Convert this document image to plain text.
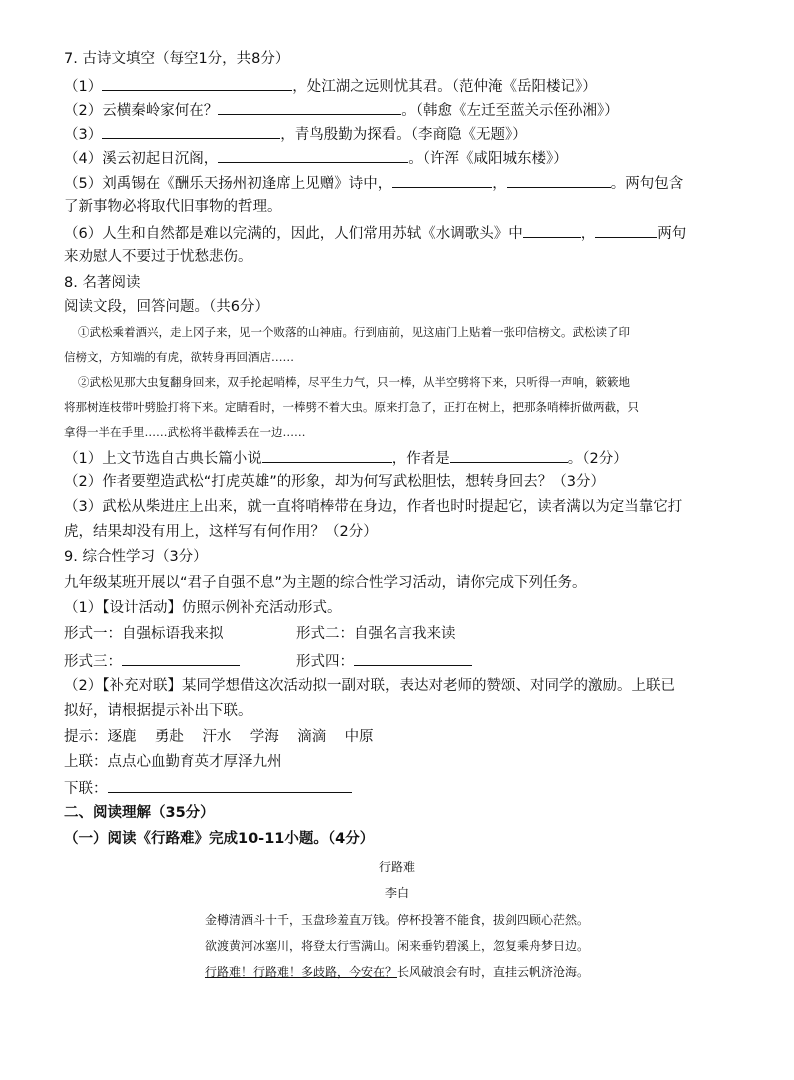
7. 古诗文填空（每空1分，共8分）
（1）	，处江湖之远则忧其君。（范仲淹《岳阳楼记》）
（2）云横秦岭家何在？	。（韩愈《左迁至蓝关示侄孙湘》）
（3）	，青鸟殷勤为探看。（李商隐《无题》）
（4）溪云初起日沉阁，	。（许浑《咸阳城东楼》）
（5）刘禹锡在《酬乐天扬州初逢席上见赠》诗中，	，	。两句包含
了新事物必将取代旧事物的哲理。
（6）人生和自然都是难以完满的，因此，人们常用苏轼《水调歌头》中	，	两句
来劝慰人不要过于忧愁悲伤。
8. 名著阅读
阅读文段，回答问题。（共6分）
①武松乘着酒兴，走上冈子来，见一个败落的山神庙。行到庙前，见这庙门上贴着一张印信榜文。武松读了印
信榜文，方知端的有虎，欲转身再回酒店……
②武松见那大虫复翻身回来，双手抡起哨棒，尽平生力气，只一棒，从半空劈将下来，只听得一声响，簌簌地
将那树连枝带叶劈脸打将下来。定睛看时，一棒劈不着大虫。原来打急了，正打在树上，把那条哨棒折做两截，只
拿得一半在手里……武松将半截棒丢在一边……
（1）上文节选自古典长篇小说	，作者是	。（2分）
（2）作者要塑造武松“打虎英雄”的形象，却为何写武松胆怯，想转身回去？（3分）
（3）武松从柴进庄上出来，就一直将哨棒带在身边，作者也时时提起它，读者满以为定当靠它打
虎，结果却没有用上，这样写有何作用？（2分）
9. 综合性学习（3分）
九年级某班开展以“君子自强不息”为主题的综合性学习活动，请你完成下列任务。
（1）【设计活动】仿照示例补充活动形式。
形式一：自强标语我来拟	形式二：自强名言我来读
形式三：	形式四：
（2）【补充对联】某同学想借这次活动拟一副对联，表达对老师的赞颂、对同学的激励。上联已
拟好，请根据提示补出下联。
提示：逐鹿    勇赴    汗水    学海    滴滴    中原
上联：点点心血勤育英才厚泽九州
下联：
二、阅读理解（35分）
（一）阅读《行路难》完成10-11小题。（4分）
行路难
李白
金樽清酒斗十千，玉盘珍羞直万钱。停杯投箸不能食，拔剑四顾心茫然。
欲渡黄河冰塞川，将登太行雪满山。闲来垂钓碧溪上，忽复乘舟梦日边。
行路难！行路难！多歧路，今安在？长风破浪会有时，直挂云帆济沧海。
